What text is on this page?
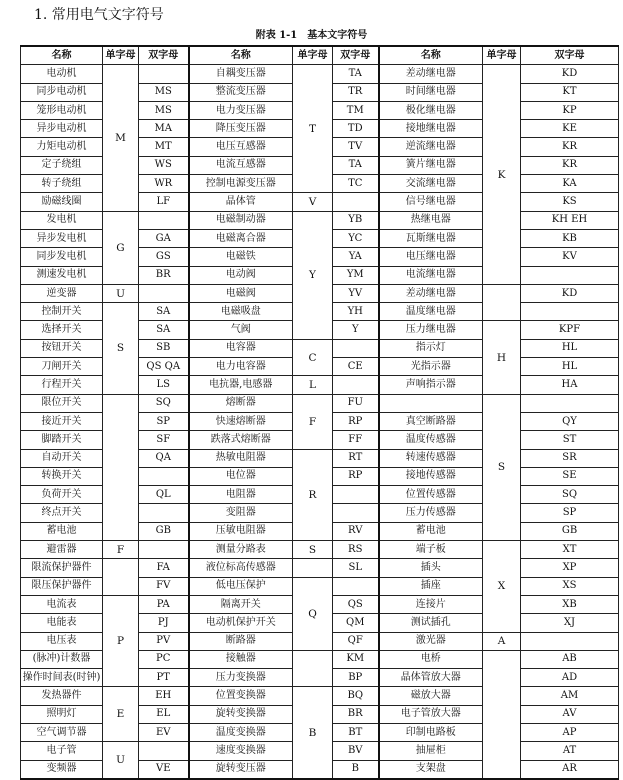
1. 常用电气文字符号
附表 1-1　基本文字符号
名称	单字母	双字母	名称	单字母	双字母	名称	单字母	双字母
电动机	M		自耦变压器	T	TA	差动继电器	K	KD
同步电动机		MS	整流变压器		TR	时间继电器		KT
笼形电动机		MS	电力变压器		TM	极化继电器		KP
异步电动机		MA	降压变压器		TD	接地继电器		KE
力矩电动机		MT	电压互感器		TV	逆流继电器		KR
定子绕组		WS	电流互感器		TA	簧片继电器		KR
转子绕组		WR	控制电源变压器		TC	交流继电器		KA
励磁线圈		LF	晶体管	V		信号继电器		KS
发电机	G		电磁制动器	Y	YB	热继电器		KH EH
异步发电机		GA	电磁离合器		YC	瓦斯继电器		KB
同步发电机		GS	电磁铁		YA	电压继电器		KV
测速发电机		BR	电动阀		YM	电流继电器		
逆变器	U		电磁阀		YV	差动继电器		KD
控制开关	S	SA	电磁吸盘		YH	温度继电器		
选择开关		SA	气阀		Y	压力继电器	H	KPF
按钮开关		SB	电容器	C		指示灯		HL
刀闸开关		QS QA	电力电容器		CE	光指示器		HL
行程开关		LS	电抗器,电感器	L		声响指示器		HA
限位开关		SQ	熔断器	F	FU		S	
接近开关		SP	快速熔断器		RP	真空断路器		QY
脚踏开关		SF	跌落式熔断器		FF	温度传感器		ST
自动开关		QA	热敏电阻器	R	RT	转速传感器		SR
转换开关			电位器		RP	接地传感器		SE
负荷开关		QL	电阻器			位置传感器		SQ
终点开关			变阻器			压力传感器		SP
蓄电池		GB	压敏电阻器		RV	蓄电池		GB
避雷器	F		测量分路表	S	RS	端子板	X	XT
限流保护器件		FA	液位标高传感器		SL	插头		XP
限压保护器件		FV	低电压保护	Q		插座		XS
电流表	P	PA	隔离开关		QS	连接片		XB
电能表		PJ	电动机保护开关		QM	测试插孔		XJ
电压表		PV	断路器		QF	激光器	A	
(脉冲)计数器		PC	接触器		KM	电桥		AB
操作时间表(时钟)		PT	压力变换器		BP	晶体管放大器		AD
发热器件	E	EH	位置变换器	B	BQ	磁放大器		AM
照明灯		EL	旋转变换器		BR	电子管放大器		AV
空气调节器		EV	温度变换器		BT	印制电路板		AP
电子管	U		速度变换器		BV	抽屉柜		AT
变频器		VE	旋转变压器		B	支架盘		AR
